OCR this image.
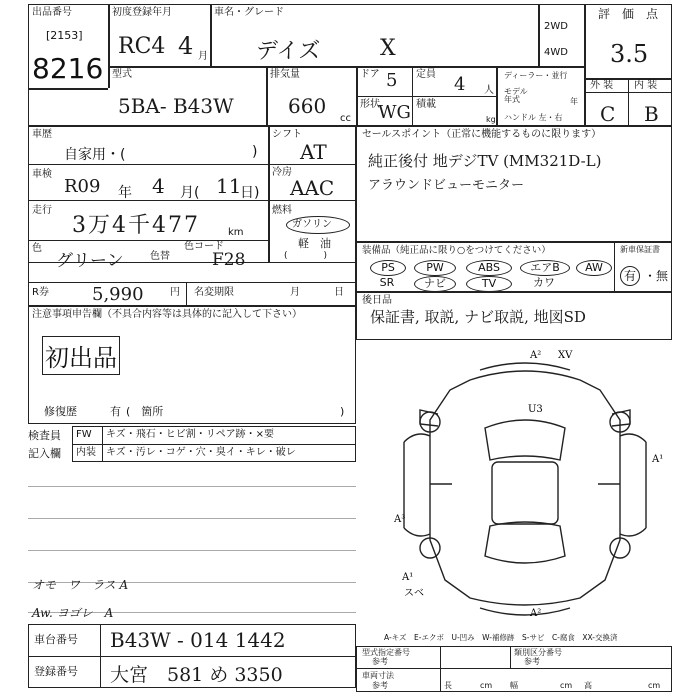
出品番号
[2153]
8216
初度登録年月
RC4 4 月
車名・グレード
デイズ	X
2WD
4WD
評　価　点
3.5
外 装 内 装
C B
型式
5BA- B43W
排気量
660
cc
ドア 5 定員 4 人
形状
WG 積載
kg
ディーラー・並行
モデル年式	年
ハンドル 左・右
車歴
自家用・(	)
シフト
AT
車検
R09 年 4 月( 11
日)
冷房
AAC
走行
3万4千477	km
燃料
ガソリン
軽　油
(　　　　)
色
グリーン	色替
色コード
F28
R券 5,990	円 名変期限	月	日
セールスポイント（正常に機能するものに限ります）
純正後付 地デジTV (MM321D-L)
アラウンドビューモニター
装備品（純正品に限り○をつけてください）	新車保証書
有 ・無
PS	PW	ABS	エアB	AW
SR	ナビ	TV	カワ
後日品
保証書, 取説, ナビ取説, 地図SD
注意事項申告欄（不具合内容等は具体的に記入して下さい）
初出品
修復歴	有 (　箇所	)
検査員
記入欄
FW キズ・飛石・ヒビ割・リペア跡・×要
内装 キズ・汚レ・コゲ・穴・臭イ・キレ・破レ
オモ　ワ　ラス A
Aw. ヨゴレ　A
A² XV
U3
A¹
A³
A¹
スベ
A²
A-キズ　E-エクボ　U-凹み　W-補修跡　S-サビ　C-腐食　XX-交換済
車台番号 B43W - 014 1442
登録番号 大宮　581 め 3350
型式指定番号
参考
類別区分番号
参考
車両寸法
参考	長	cm 幅	cm 高	cm
